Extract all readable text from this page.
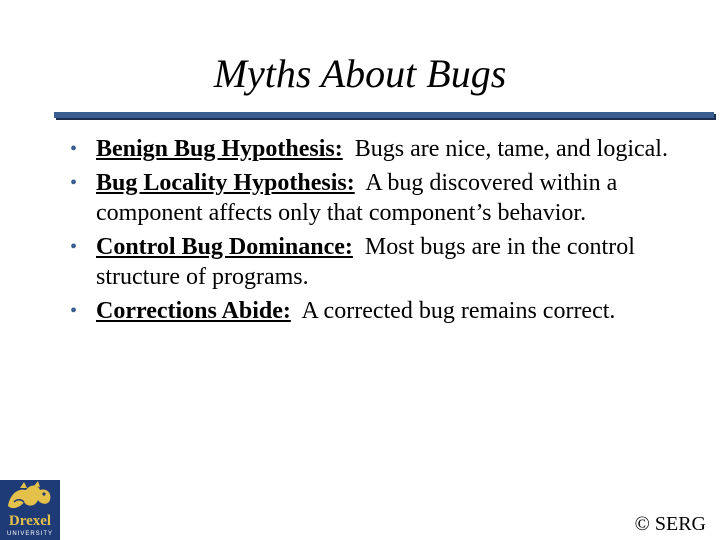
Myths About Bugs
• Benign Bug Hypothesis:  Bugs are nice, tame, and logical.
• Bug Locality Hypothesis:  A bug discovered within a component affects only that component’s behavior.
• Control Bug Dominance:  Most bugs are in the control structure of programs.
• Corrections Abide:  A corrected bug remains correct.
Drexel
UNIVERSITY	© SERG
